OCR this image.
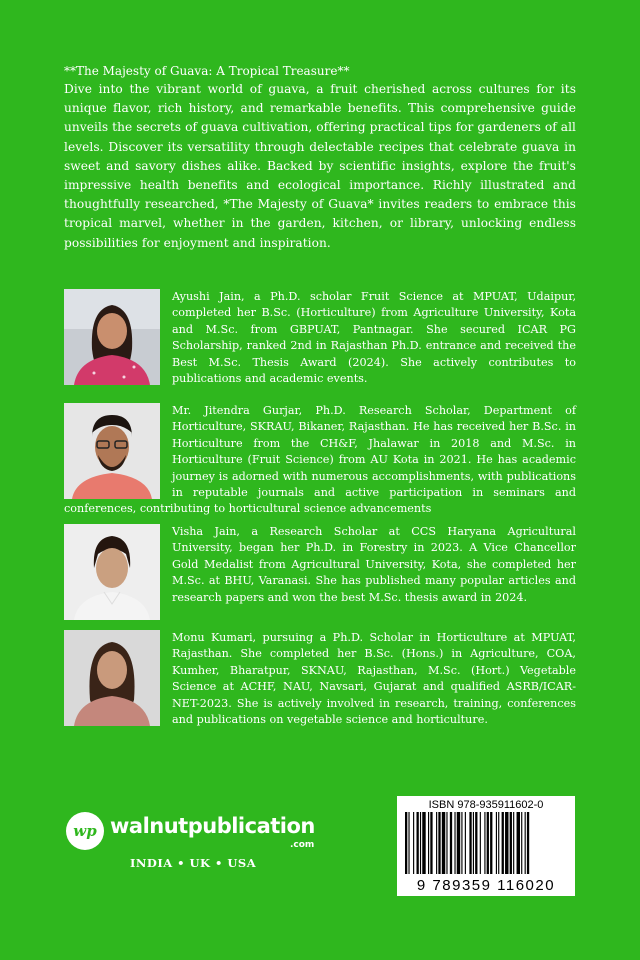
**The Majesty of Guava: A Tropical Treasure**

Dive into the vibrant world of guava, a fruit cherished across cultures for its unique flavor, rich history, and remarkable benefits. This comprehensive guide unveils the secrets of guava cultivation, offering practical tips for gardeners of all levels. Discover its versatility through delectable recipes that celebrate guava in sweet and savory dishes alike. Backed by scientific insights, explore the fruit's impressive health benefits and ecological importance. Richly illustrated and thoughtfully researched, *The Majesty of Guava* invites readers to embrace this tropical marvel, whether in the garden, kitchen, or library, unlocking endless possibilities for enjoyment and inspiration.

Ayushi Jain, a Ph.D. scholar Fruit Science at MPUAT, Udaipur, completed her B.Sc. (Horticulture) from Agriculture University, Kota and M.Sc. from GBPUAT, Pantnagar. She secured ICAR PG Scholarship, ranked 2nd in Rajasthan Ph.D. entrance and received the Best M.Sc. Thesis Award (2024). She actively contributes to publications and academic events.

Mr. Jitendra Gurjar, Ph.D. Research Scholar, Department of Horticulture, SKRAU, Bikaner, Rajasthan. He has received her B.Sc. in Horticulture from the CH&F, Jhalawar in 2018 and M.Sc. in Horticulture (Fruit Science) from AU Kota in 2021. He has academic journey is adorned with numerous accomplishments, with publications in reputable journals and active participation in seminars and conferences, contributing to horticultural science advancements

Visha Jain, a Research Scholar at CCS Haryana Agricultural University, began her Ph.D. in Forestry in 2023. A Vice Chancellor Gold Medalist from Agricultural University, Kota, she completed her M.Sc. at BHU, Varanasi. She has published many popular articles and research papers and won the best M.Sc. thesis award in 2024.

Monu Kumari, pursuing a Ph.D. Scholar in Horticulture at MPUAT, Rajasthan. She completed her B.Sc. (Hons.) in Agriculture, COA, Kumher, Bharatpur, SKNAU, Rajasthan, M.Sc. (Hort.) Vegetable Science at ACHF, NAU, Navsari, Gujarat and qualified ASRB/ICAR-NET-2023. She is actively involved in research, training, conferences and publications on vegetable science and horticulture.

wp walnutpublication
.com
INDIA • UK • USA
ISBN 978-935911602-0
9 789359 116020
